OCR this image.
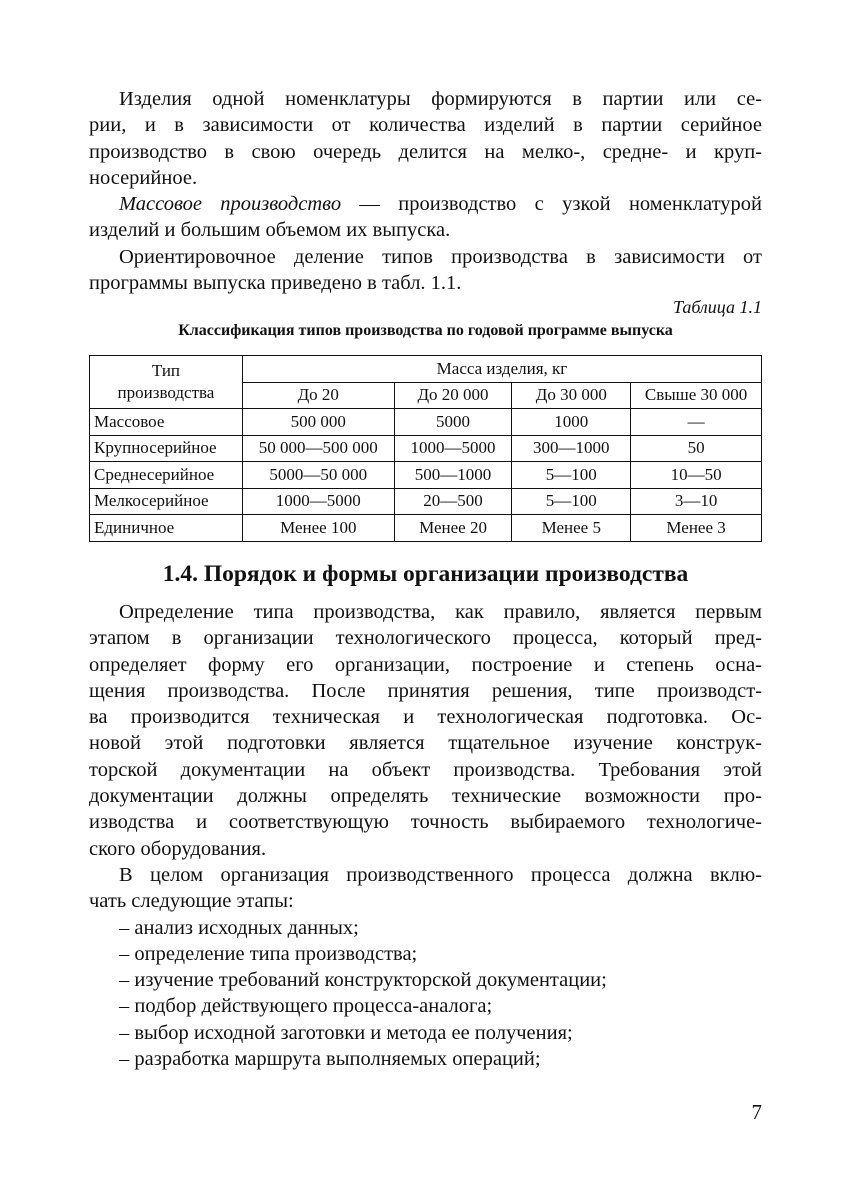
Изделия одной номенклатуры формируются в партии или се-
рии, и в зависимости от количества изделий в партии серийное
производство в свою очередь делится на мелко-, средне- и круп-
носерийное.

Массовое производство — производство с узкой номенклатурой
изделий и большим объемом их выпуска.

Ориентировочное деление типов производства в зависимости от
программы выпуска приведено в табл. 1.1.

Таблица 1.1

Классификация типов производства по годовой программе выпуска

Тип
производства	Масса изделия, кг			
	До 20	До 20 000	До 30 000	Свыше 30 000
Массовое	500 000	5000	1000	—
Крупносерийное	50 000—500 000	1000—5000	300—1000	50
Среднесерийное	5000—50 000	500—1000	5—100	10—50
Мелкосерийное	1000—5000	20—500	5—100	3—10
Единичное	Менее 100	Менее 20	Менее 5	Менее 3
1.4. Порядок и формы организации производства

Определение типа производства, как правило, является первым
этапом в организации технологического процесса, который пред-
определяет форму его организации, построение и степень осна-
щения производства. После принятия решения, типе производст-
ва производится техническая и технологическая подготовка. Ос-
новой этой подготовки является тщательное изучение конструк-
торской документации на объект производства. Требования этой
документации должны определять технические возможности про-
изводства и соответствующую точность выбираемого технологиче-
ского оборудования.

В целом организация производственного процесса должна вклю-
чать следующие этапы:

– анализ исходных данных;
– определение типа производства;
– изучение требований конструкторской документации;
– подбор действующего процесса-аналога;
– выбор исходной заготовки и метода ее получения;
– разработка маршрута выполняемых операций;

7
